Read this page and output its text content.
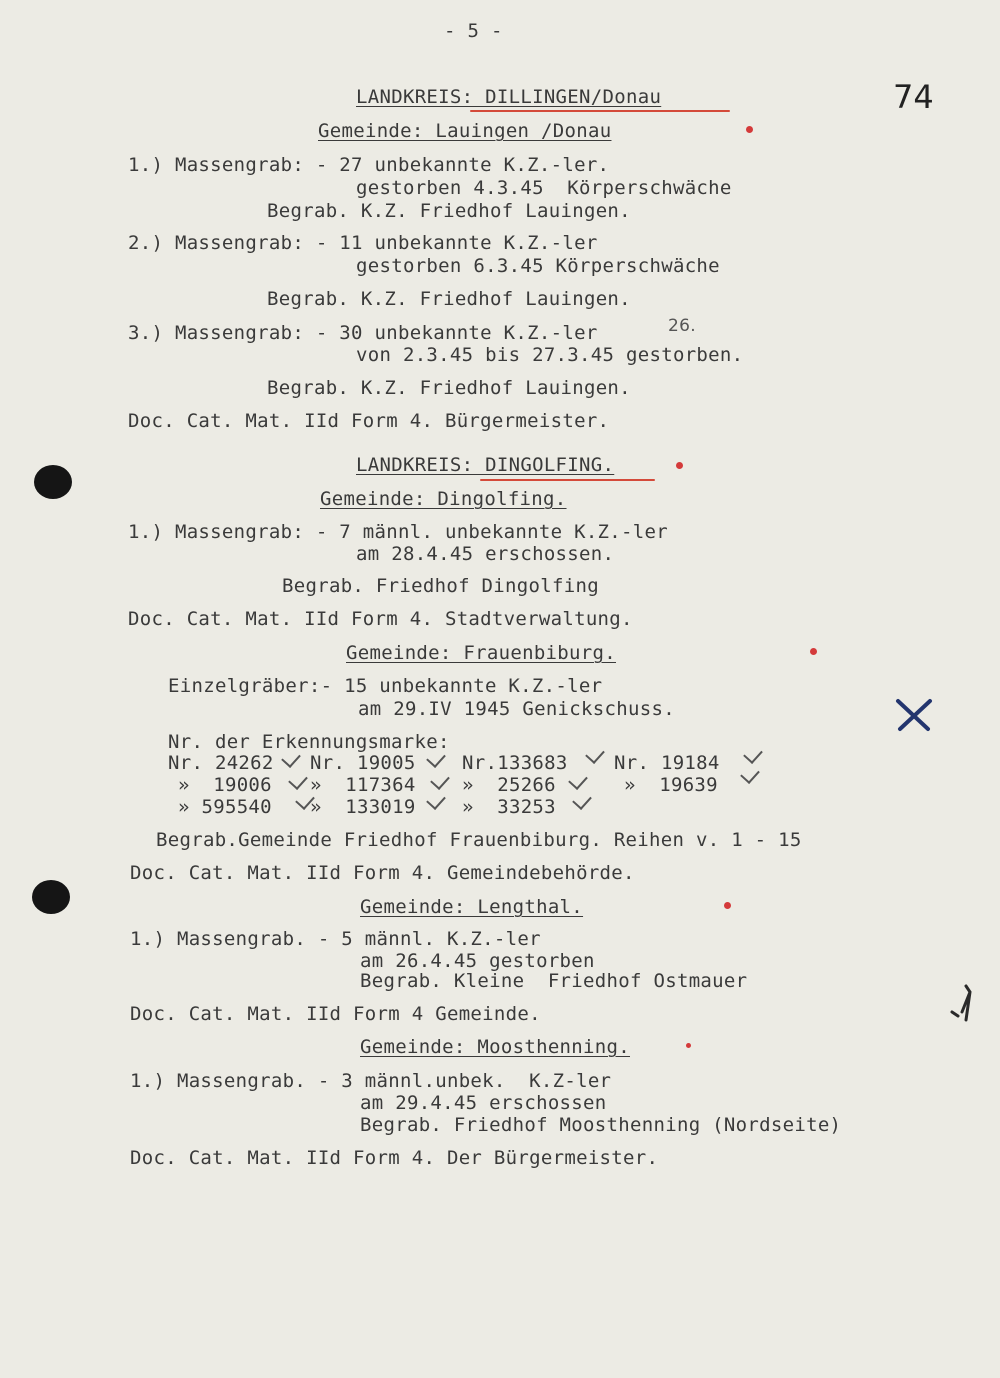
- 5 -
74
LANDKREIS: DILLINGEN/Donau
Gemeinde: Lauingen /Donau
1.) Massengrab: - 27 unbekannte K.Z.-ler.
gestorben 4.3.45  Körperschwäche
Begrab. K.Z. Friedhof Lauingen.
2.) Massengrab: - 11 unbekannte K.Z.-ler
gestorben 6.3.45 Körperschwäche
Begrab. K.Z. Friedhof Lauingen.
3.) Massengrab: - 30 unbekannte K.Z.-ler	26.
von 2.3.45 bis 27.3.45 gestorben.
Begrab. K.Z. Friedhof Lauingen.
Doc. Cat. Mat. IId Form 4. Bürgermeister.
LANDKREIS: DINGOLFING.
Gemeinde: Dingolfing.
1.) Massengrab: - 7 männl. unbekannte K.Z.-ler
am 28.4.45 erschossen.
Begrab. Friedhof Dingolfing
Doc. Cat. Mat. IId Form 4. Stadtverwaltung.
Gemeinde: Frauenbiburg.
Einzelgräber:- 15 unbekannte K.Z.-ler
am 29.IV 1945 Genickschuss.
Nr. der Erkennungsmarke:
Nr. 24262 Nr. 19005 Nr.133683 Nr. 19184
»  19006 »  117364 »  25266	»  19639
» 595540 »  133019 »  33253
Begrab.Gemeinde Friedhof Frauenbiburg. Reihen v. 1 - 15
Doc. Cat. Mat. IId Form 4. Gemeindebehörde.
Gemeinde: Lengthal.
1.) Massengrab. - 5 männl. K.Z.-ler
am 26.4.45 gestorben
Begrab. Kleine  Friedhof Ostmauer
Doc. Cat. Mat. IId Form 4 Gemeinde.
Gemeinde: Moosthenning.
1.) Massengrab. - 3 männl.unbek.  K.Z-ler
am 29.4.45 erschossen
Begrab. Friedhof Moosthenning (Nordseite)
Doc. Cat. Mat. IId Form 4. Der Bürgermeister.
